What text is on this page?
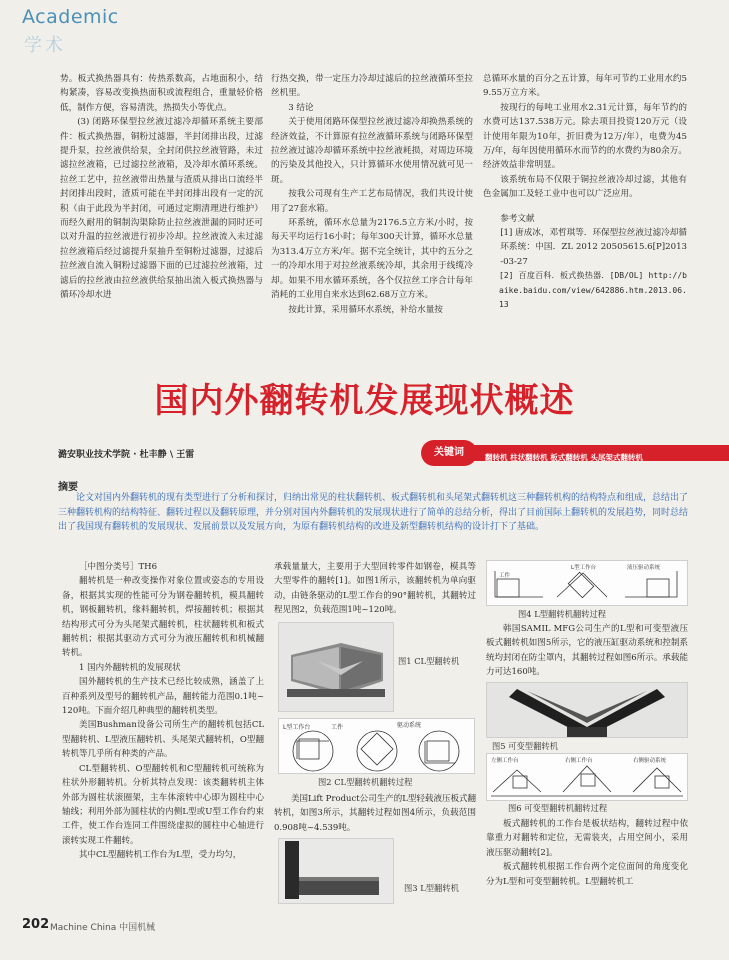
Academic
学术

势。板式换热器具有：传热系数高，占地面积小，结构紧凑，容易改变换热面积或流程组合，重量轻价格低，制作方便，容易清洗，热损失小等优点。

(3) 闭路环保型拉丝液过滤冷却循环系统主要部件：板式换热器，铜粉过滤器，半封闭排出段，过滤提升泵，拉丝液供给泵，全封闭供拉丝液管路，未过滤拉丝液箱，已过滤拉丝液箱，及冷却水循环系统。拉丝工艺中，拉丝液带出热量与渣质从排出口流经半封闭排出段时，渣质可能在半封闭排出段有一定的沉积（由于此段为半封闭，可通过定期清理进行维护）而经久耐用的铜制沟渠除防止拉丝液泄漏的同时还可以对升温的拉丝液进行初步冷却。拉丝液流入未过滤拉丝液箱后经过滤提升泵抽升至铜粉过滤器，过滤后拉丝液自流入铜粉过滤器下面的已过滤拉丝液箱，过滤后的拉丝液由拉丝液供给泵抽出流入板式换热器与循环冷却水进

行热交换，带一定压力冷却过滤后的拉丝液循环至拉丝机里。

3 结论

关于使用闭路环保型拉丝液过滤冷却换热系统的经济效益，不计算原有拉丝液循环系统与闭路环保型拉丝液过滤冷却循环系统中拉丝液耗损，对周边环境的污染及其他投入，只计算循环水使用情况就可见一斑。

按我公司现有生产工艺布局情况，我们共设计使用了27套水箱。

环系统，循环水总量为2176.5立方米/小时，按每天平均运行16小时；每年300天计算，循环水总量为313.4万立方米/年。据不完全统计，其中约五分之一的冷却水用于对拉丝液系统冷却，其余用于线缆冷却。如果不用水循环系统，各个仅拉丝工序合计每年消耗的工业用自来水达到62.68万立方米。

按此计算，采用循环水系统，补给水量按

总循环水量的百分之五计算，每年可节约工业用水约59.55万立方米。

按现行的每吨工业用水2.31元计算，每年节约的水费可达137.538万元。除去项目投资120万元（设计使用年限为10年，折旧费为12万/年），电费为45万/年，每年因使用循环水而节约的水费约为80余万。经济效益非常明显。

该系统布局不仅限于铜拉丝液冷却过滤，其他有色金属加工及轻工业中也可以广泛应用。

参考文献

[1] 唐成冰，邓哲琪等．环保型拉丝液过滤冷却循环系统：中国．ZL 2012 20505615.6[P]2013-03-27

[2] 百度百科．板式换热器．[DB/OL] http://baike.baidu.com/view/642886.htm.2013.06.13

国内外翻转机发展现状概述
潞安职业技术学院 · 杜丰静 \ 王雷	翻转机 柱状翻转机 板式翻转机 头尾架式翻转机
关键词
摘要
论文对国内外翻转机的现有类型进行了分析和探讨，归纳出常见的柱状翻转机、板式翻转机和头尾架式翻转机这三种翻转机构的结构特点和组成，总结出了三种翻转机构的结构特征、翻转过程以及翻转原理，并分别对国内外翻转机的发展现状进行了简单的总结分析，得出了目前国际上翻转机的发展趋势，同时总结出了我国现有翻转机的发展现状、发展前景以及发展方向，为原有翻转机结构的改进及新型翻转机结构的设计打下了基础。

［中图分类号］TH6

翻转机是一种改变操作对象位置或姿态的专用设备，根据其实现的性能可分为钢卷翻转机，模具翻转机，钢板翻转机，缘料翻转机，焊接翻转机；根据其结构形式可分为头尾架式翻转机，柱状翻转机和板式翻转机；根据其驱动方式可分为液压翻转机和机械翻转机。

1 国内外翻转机的发展现状

国外翻转机的生产技术已经比较成熟，涵盖了上百种系列及型号的翻转机产品，翻转能力范围0.1吨~120吨。下面介绍几种典型的翻转机类型。

美国Bushman设备公司所生产的翻转机包括CL型翻转机、L型液压翻转机、头尾架式翻转机，O型翻转机等几乎所有种类的产品。

CL型翻转机、O型翻转机和C型翻转机可统称为柱状外形翻转机。分析其特点发现：该类翻转机主体外部为圆柱状滚圈架，主车体滚转中心即为圆柱中心轴线；利用外部为圆柱状的内侧L型或U型工作台约束工件，使工作台连同工件围绕虚拟的圆柱中心轴进行滚转实现工件翻转。

其中CL型翻转机工作台为L型，受力均匀，

承载量量大，主要用于大型回转零件如钢卷，模具等大型零件的翻转[1]。如图1所示，该翻转机为单向驱动，由链条驱动的L型工作台的90°翻转机，其翻转过程见图2，负载范围1吨~120吨。

图1 CL型翻转机
工件
L型工作台	驱动系统
图2 CL型翻转机翻转过程

美国Lift Product公司生产的L型轻载液压板式翻转机，如图3所示，其翻转过程如图4所示，负载范围0.908吨~4.539吨。

图3 L型翻转机
L型工作台	液压驱动系统
工件
图4 L型翻转机翻转过程

韩国SAMIL MFG公司生产的L型和可变型液压板式翻转机如图5所示，它的液压缸驱动系统和控制系统均封闭在防尘罩内，其翻转过程如图6所示。承载能力可达160吨。

图5 可变型翻转机
左侧工作台	右侧工作台	右侧驱动系统
图6 可变型翻转机翻转过程

板式翻转机的工作台是板状结构，翻转过程中依靠重力对翻转和定位，无需装夹，占用空间小，采用液压驱动翻转[2]。

板式翻转机根据工作台两个定位面间的角度变化分为L型和可变型翻转机。L型翻转机工

202 Machine China 中国机械
